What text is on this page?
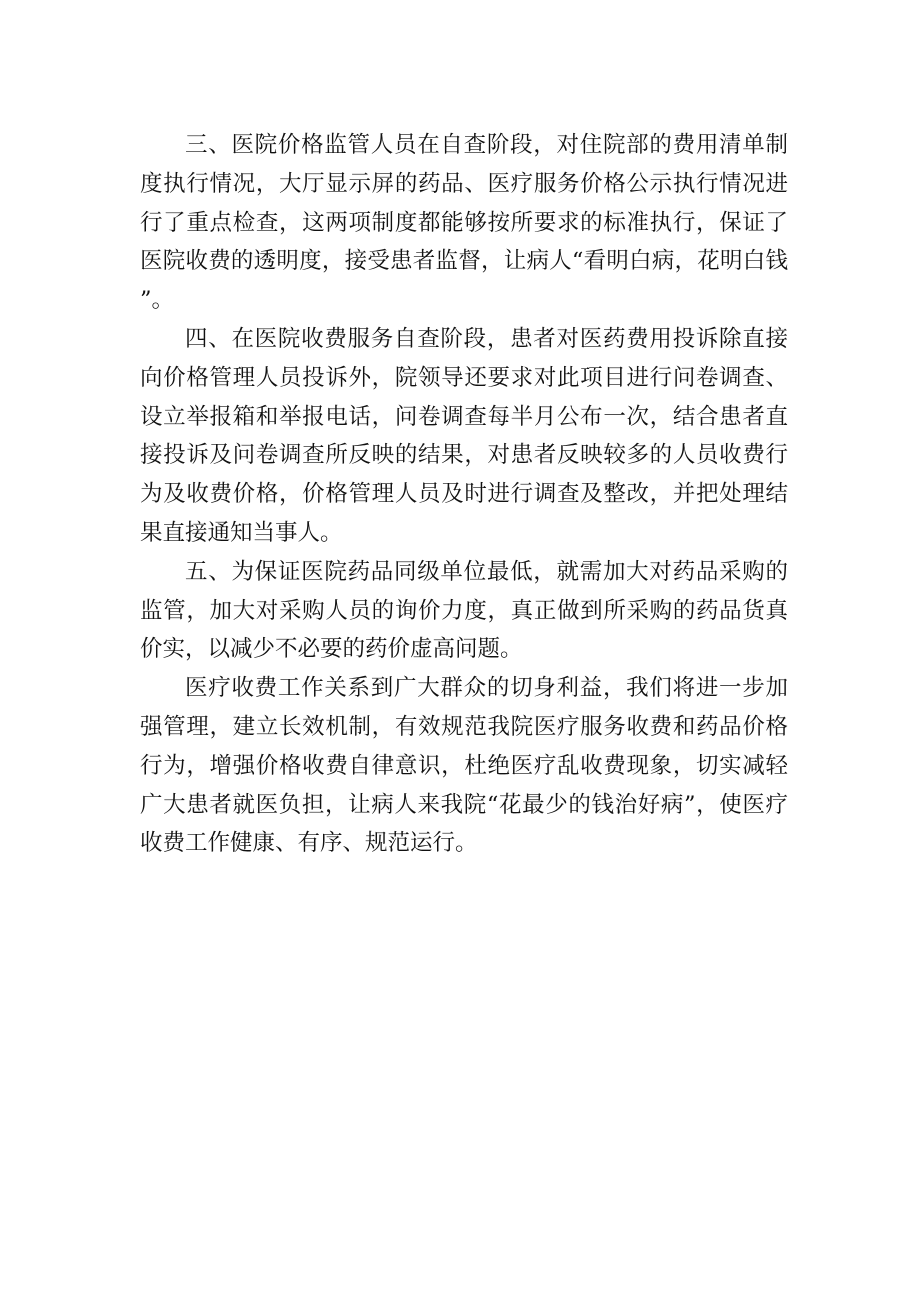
三、医院价格监管人员在自查阶段，对住院部的费用清单制度执行情况，大厅显示屏的药品、医疗服务价格公示执行情况进行了重点检查，这两项制度都能够按所要求的标准执行，保证了医院收费的透明度，接受患者监督，让病人“看明白病，花明白钱”。

四、在医院收费服务自查阶段，患者对医药费用投诉除直接向价格管理人员投诉外，院领导还要求对此项目进行问卷调查、设立举报箱和举报电话，问卷调查每半月公布一次，结合患者直接投诉及问卷调查所反映的结果，对患者反映较多的人员收费行为及收费价格，价格管理人员及时进行调查及整改，并把处理结果直接通知当事人。

五、为保证医院药品同级单位最低，就需加大对药品采购的监管，加大对采购人员的询价力度，真正做到所采购的药品货真价实，以减少不必要的药价虚高问题。

医疗收费工作关系到广大群众的切身利益，我们将进一步加强管理，建立长效机制，有效规范我院医疗服务收费和药品价格行为，增强价格收费自律意识，杜绝医疗乱收费现象，切实减轻广大患者就医负担，让病人来我院“花最少的钱治好病”，使医疗收费工作健康、有序、规范运行。
